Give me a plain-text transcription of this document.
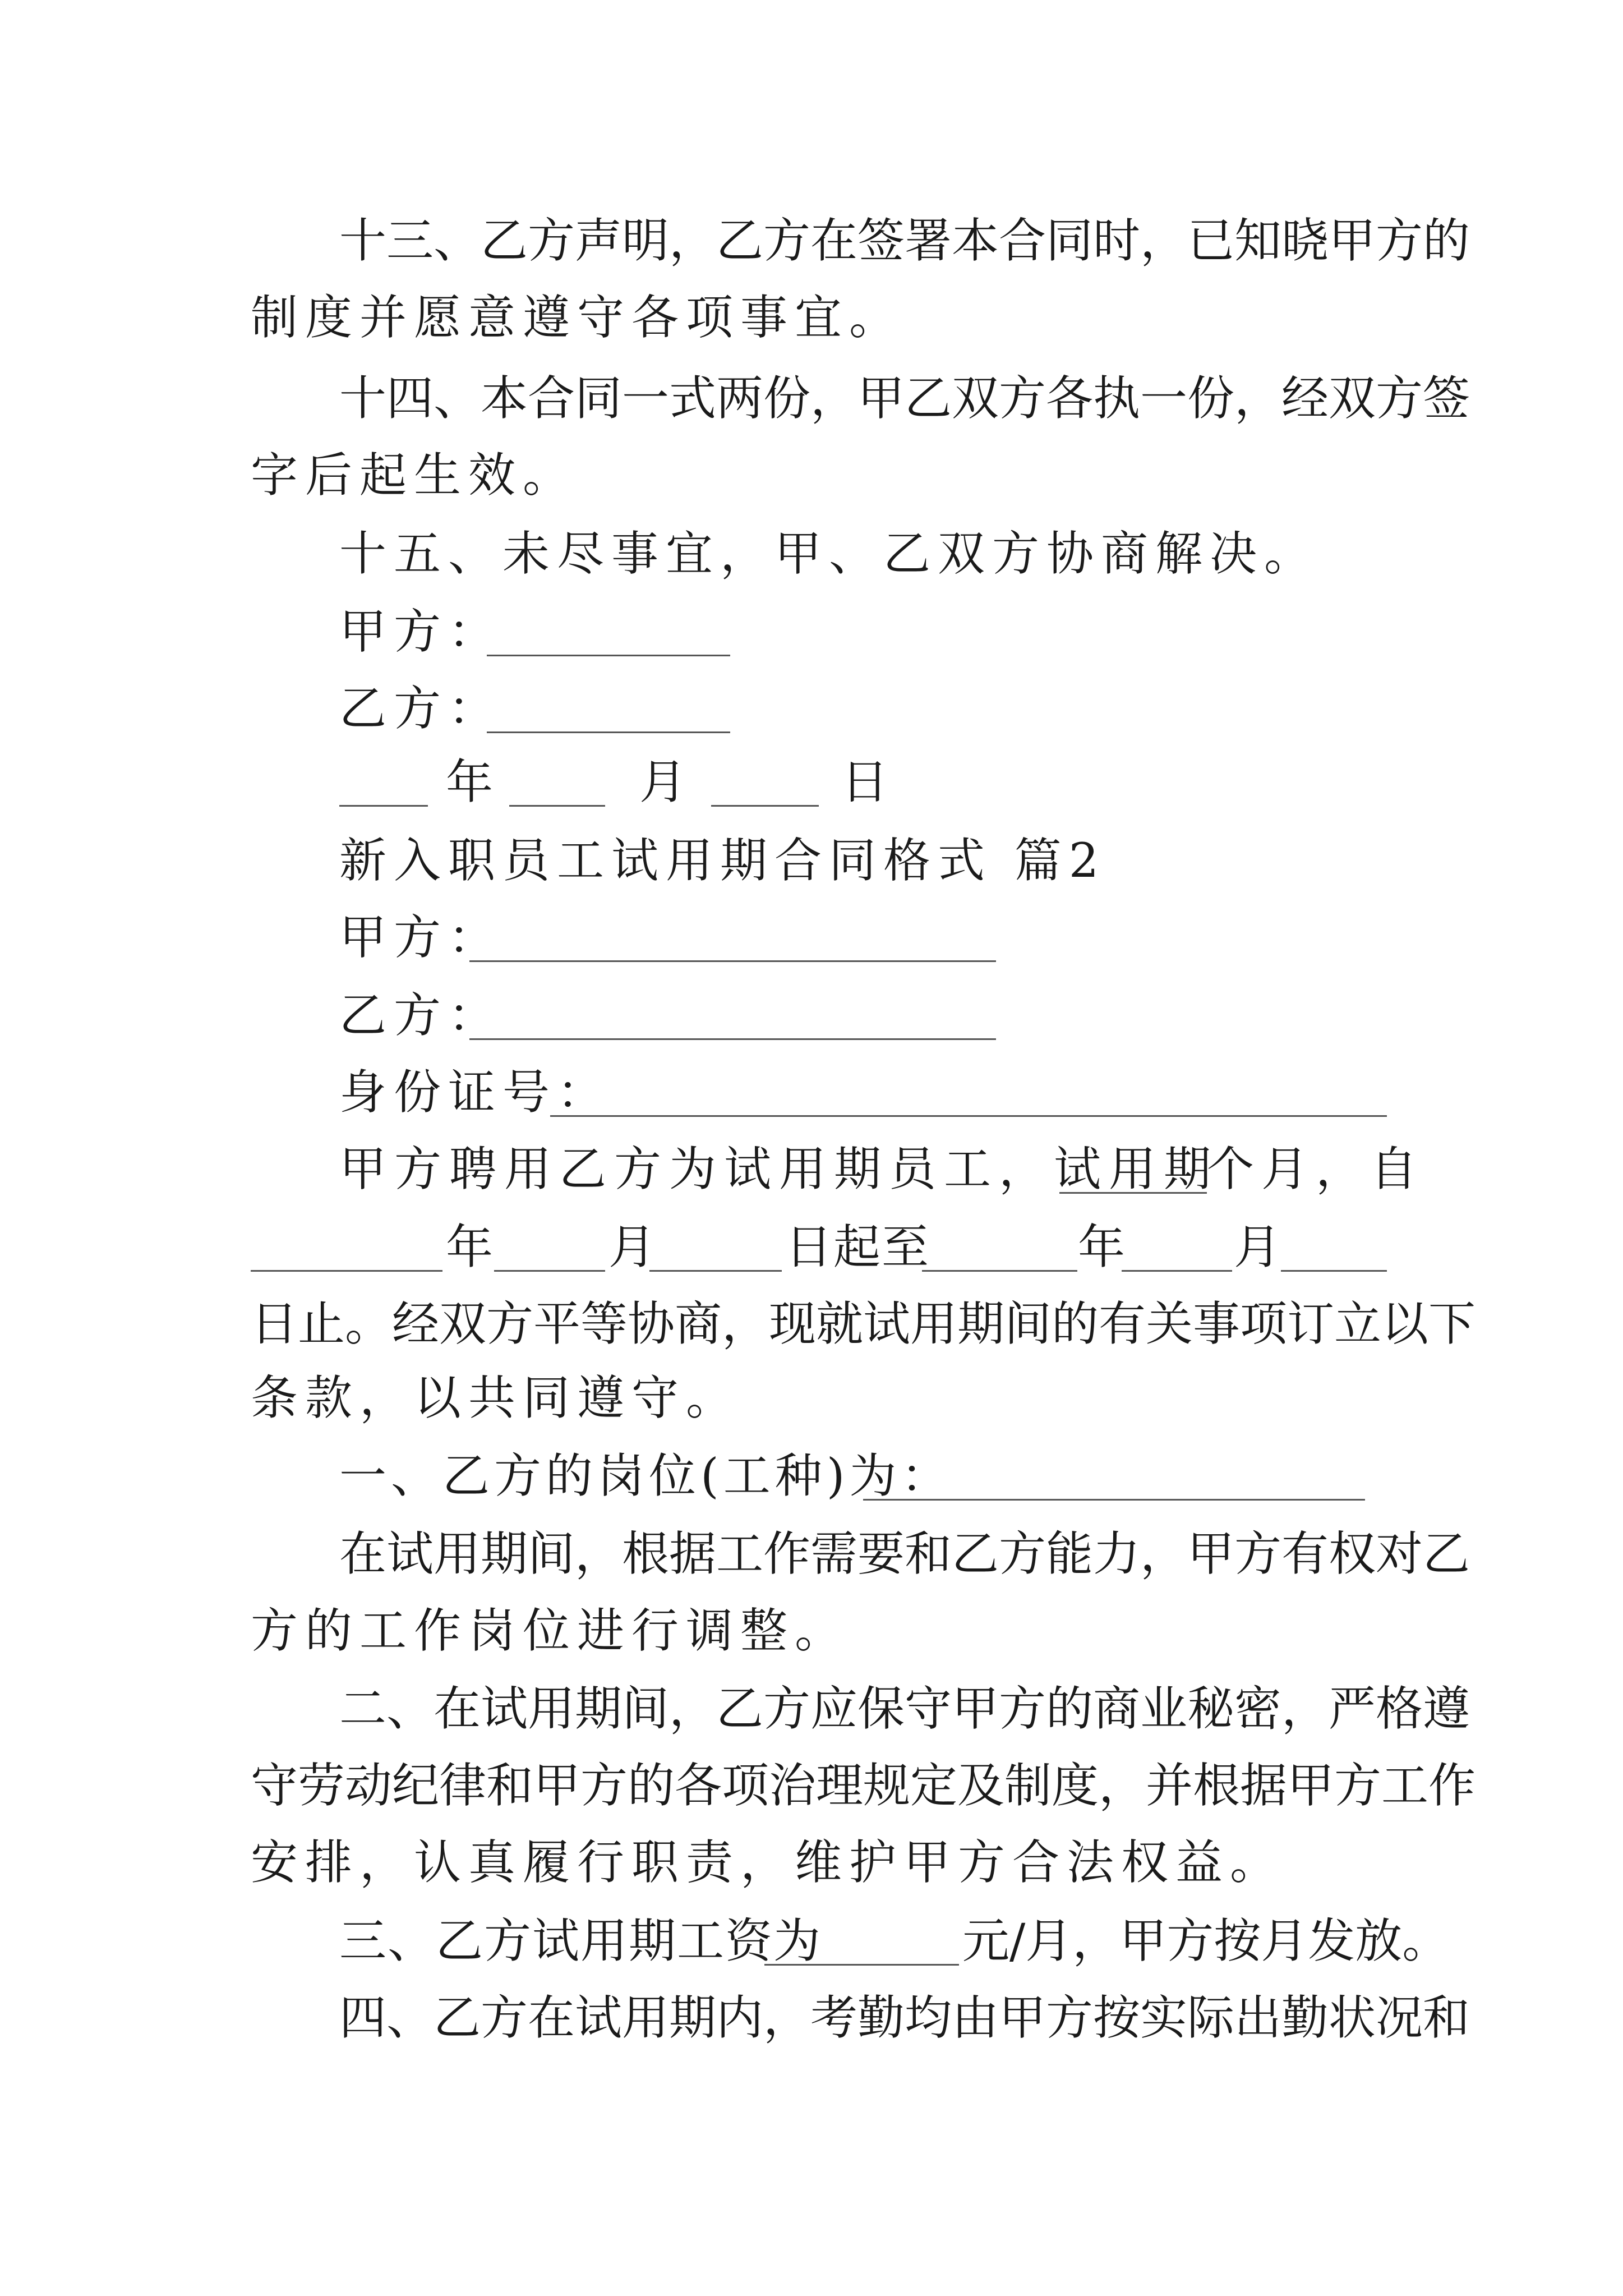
十三、乙方声明，乙方在签署本合同时，已知晓甲方的
制度并愿意遵守各项事宜。
十四、本合同一式两份，甲乙双方各执一份，经双方签
字后起生效。
十五、未尽事宜，甲、乙双方协商解决。
甲方：
乙方：
年	月	日
新入职员工试用期合同格式 篇2
甲方：
乙方：
身份证号：
甲方聘用乙方为试用期员工，试用期
个月，自
年 月	日起至	年 月
日止。经双方平等协商，现就试用期间的有关事项订立以下
条款，以共同遵守。
一、乙方的岗位(工种)为：
在试用期间，根据工作需要和乙方能力，甲方有权对乙
方的工作岗位进行调整。
二、在试用期间，乙方应保守甲方的商业秘密，严格遵
守劳动纪律和甲方的各项治理规定及制度，并根据甲方工作
安排，认真履行职责，维护甲方合法权益。
三、乙方试用期工资为	元/月，甲方按月发放。
四、乙方在试用期内，考勤均由甲方按实际出勤状况和
